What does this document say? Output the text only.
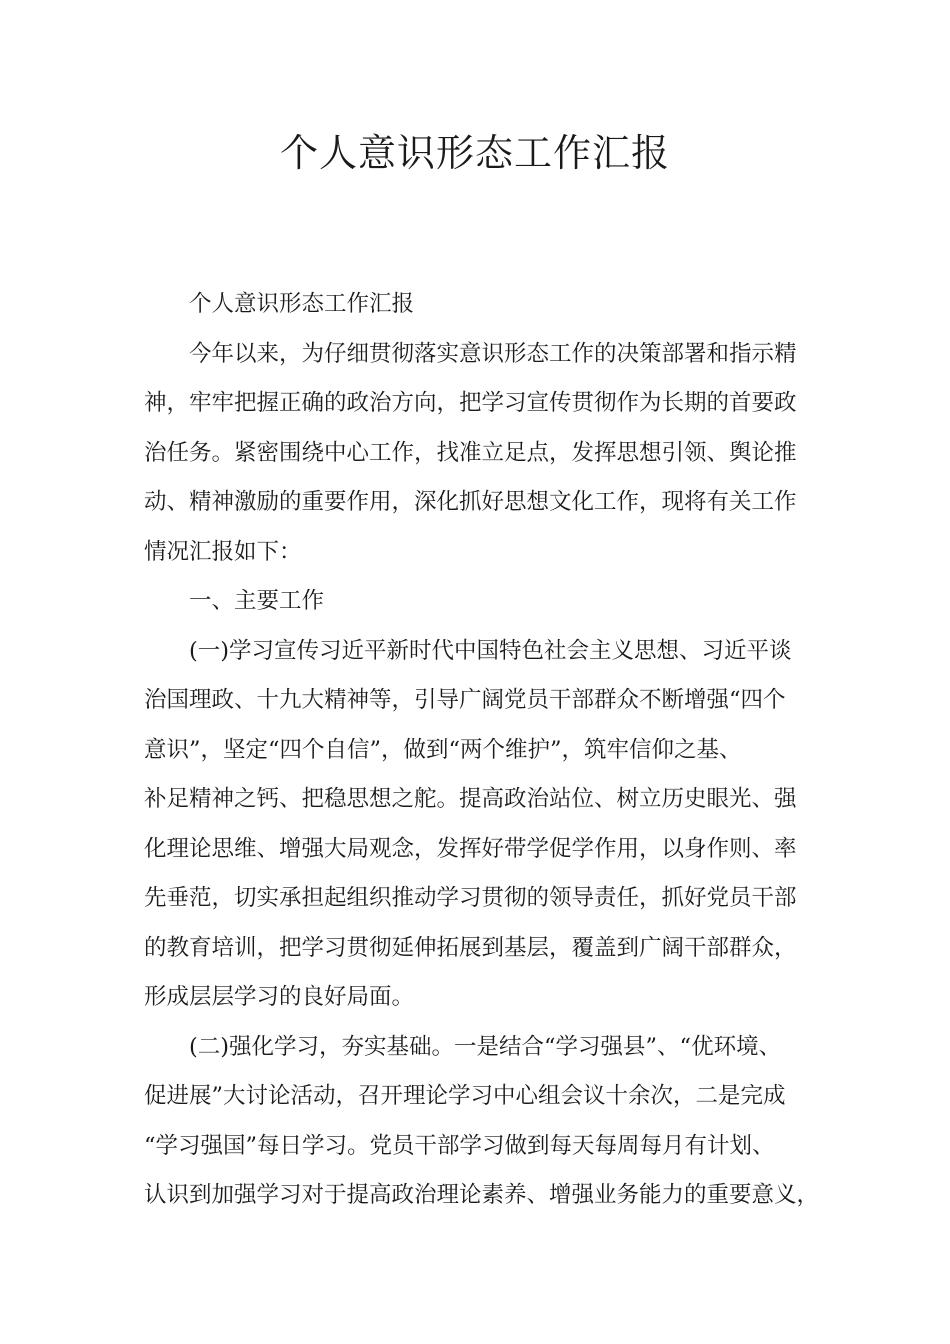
个人意识形态工作汇报
个人意识形态工作汇报
今年以来，为仔细贯彻落实意识形态工作的决策部署和指示精
神，牢牢把握正确的政治方向，把学习宣传贯彻作为长期的首要政
治任务。紧密围绕中心工作，找准立足点，发挥思想引领、舆论推
动、精神激励的重要作用，深化抓好思想文化工作，现将有关工作
情况汇报如下：
一、主要工作
(一)学习宣传习近平新时代中国特色社会主义思想、习近平谈
治国理政、十九大精神等，引导广阔党员干部群众不断增强“四个
意识”，坚定“四个自信”，做到“两个维护”，筑牢信仰之基、
补足精神之钙、把稳思想之舵。提高政治站位、树立历史眼光、强
化理论思维、增强大局观念，发挥好带学促学作用，以身作则、率
先垂范，切实承担起组织推动学习贯彻的领导责任，抓好党员干部
的教育培训，把学习贯彻延伸拓展到基层，覆盖到广阔干部群众，
形成层层学习的良好局面。
(二)强化学习，夯实基础。一是结合“学习强县”、“优环境、
促进展”大讨论活动，召开理论学习中心组会议十余次，二是完成
“学习强国”每日学习。党员干部学习做到每天每周每月有计划、
认识到加强学习对于提高政治理论素养、增强业务能力的重要意义，
